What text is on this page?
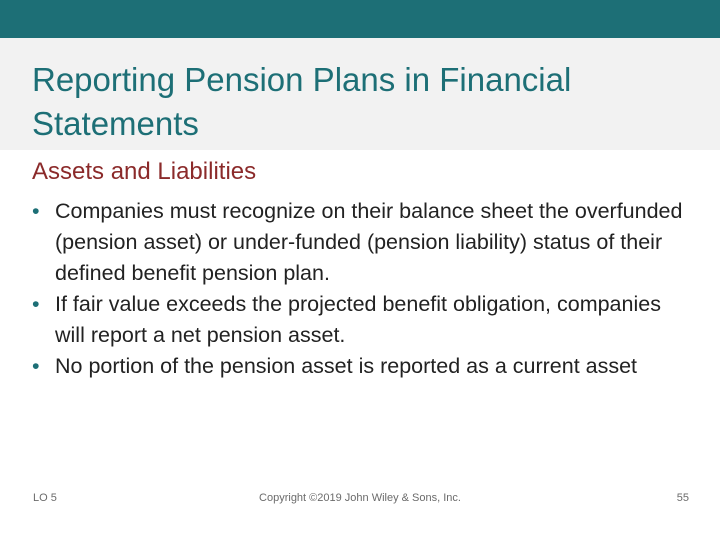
Reporting Pension Plans in Financial Statements
Assets and Liabilities
• Companies must recognize on their balance sheet the overfunded (pension asset) or under-funded (pension liability) status of their defined benefit pension plan.
• If fair value exceeds the projected benefit obligation, companies will report a net pension asset.
• No portion of the pension asset is reported as a current asset

LO 5	Copyright ©2019 John Wiley & Sons, Inc.	55
